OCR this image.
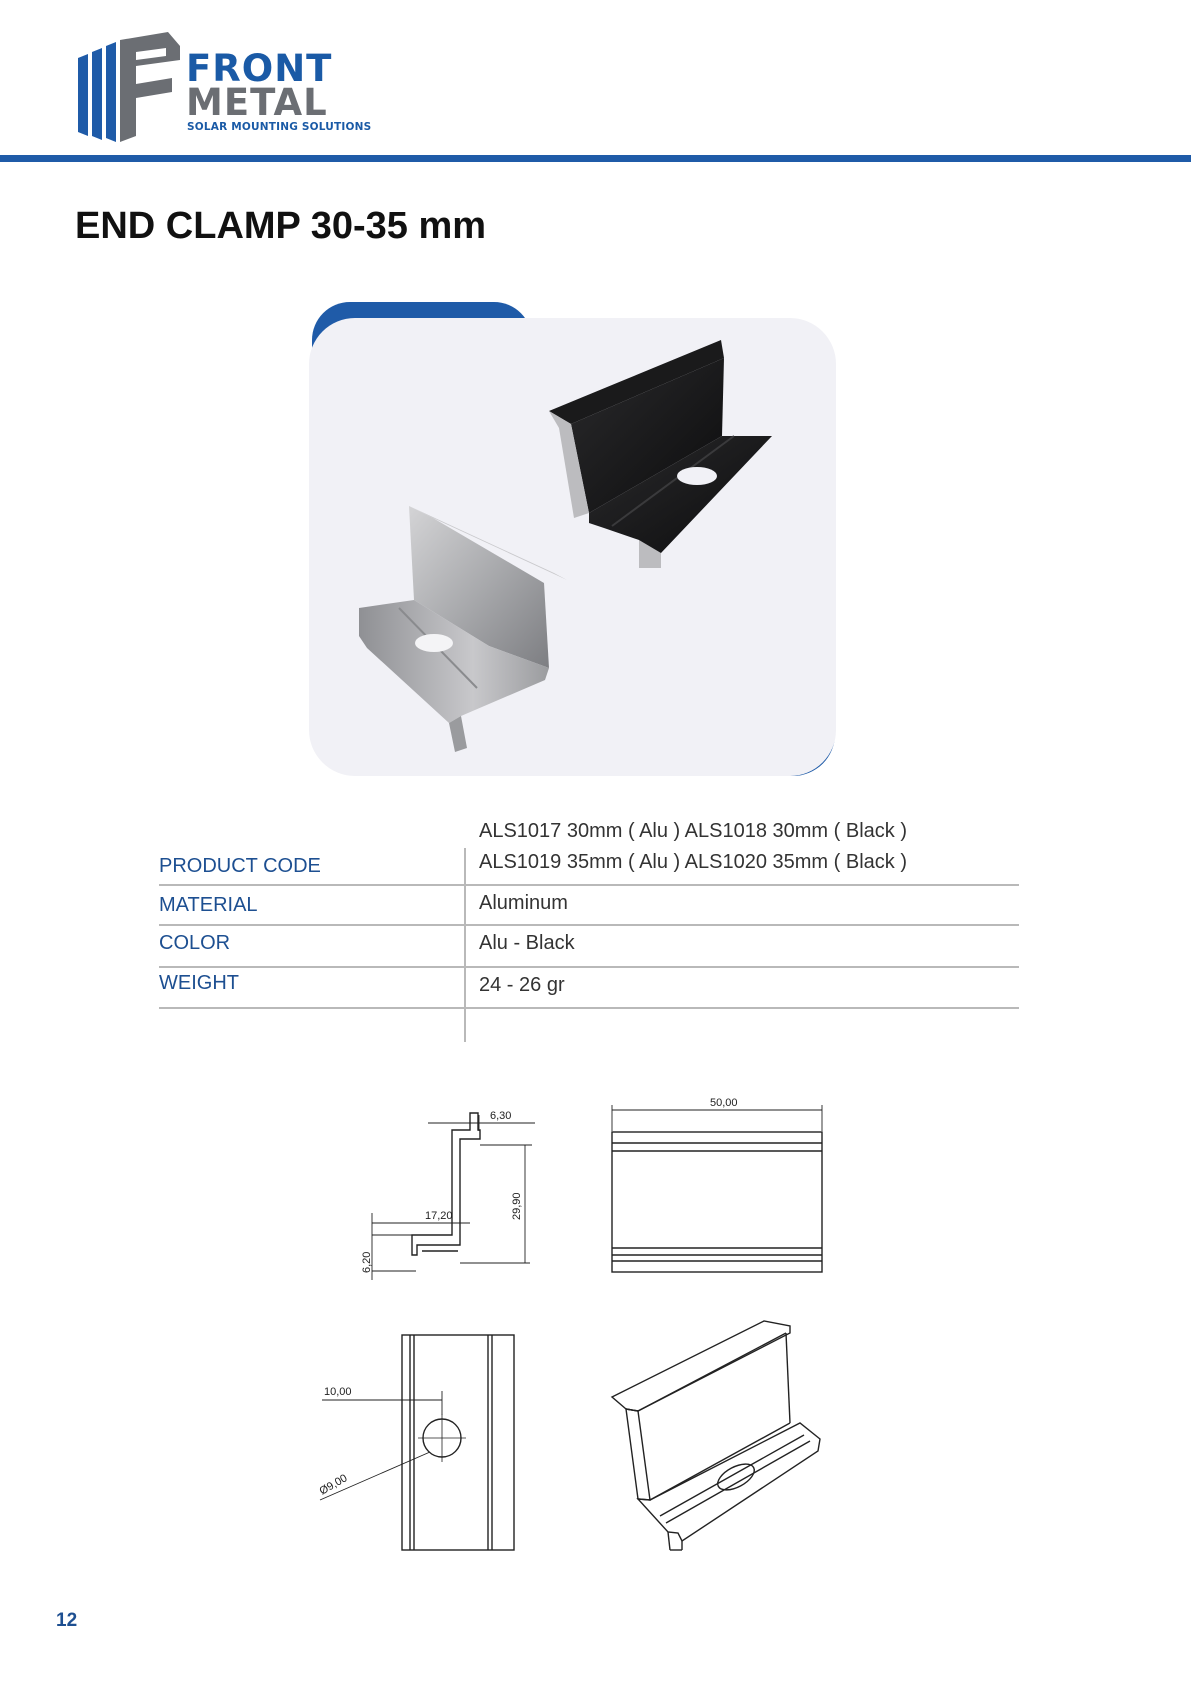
FRONT
METAL
SOLAR MOUNTING SOLUTIONS
END CLAMP 30-35 mm
ALS1017 30mm ( Alu ) ALS1018 30mm ( Black )
PRODUCT CODE	ALS1019 35mm ( Alu ) ALS1020 35mm ( Black )
MATERIAL	Aluminum
COLOR	Alu - Black
WEIGHT	24 - 26 gr
6,30
29,90
17,20
6,20
50,00
10,00
Ø9,00
12
